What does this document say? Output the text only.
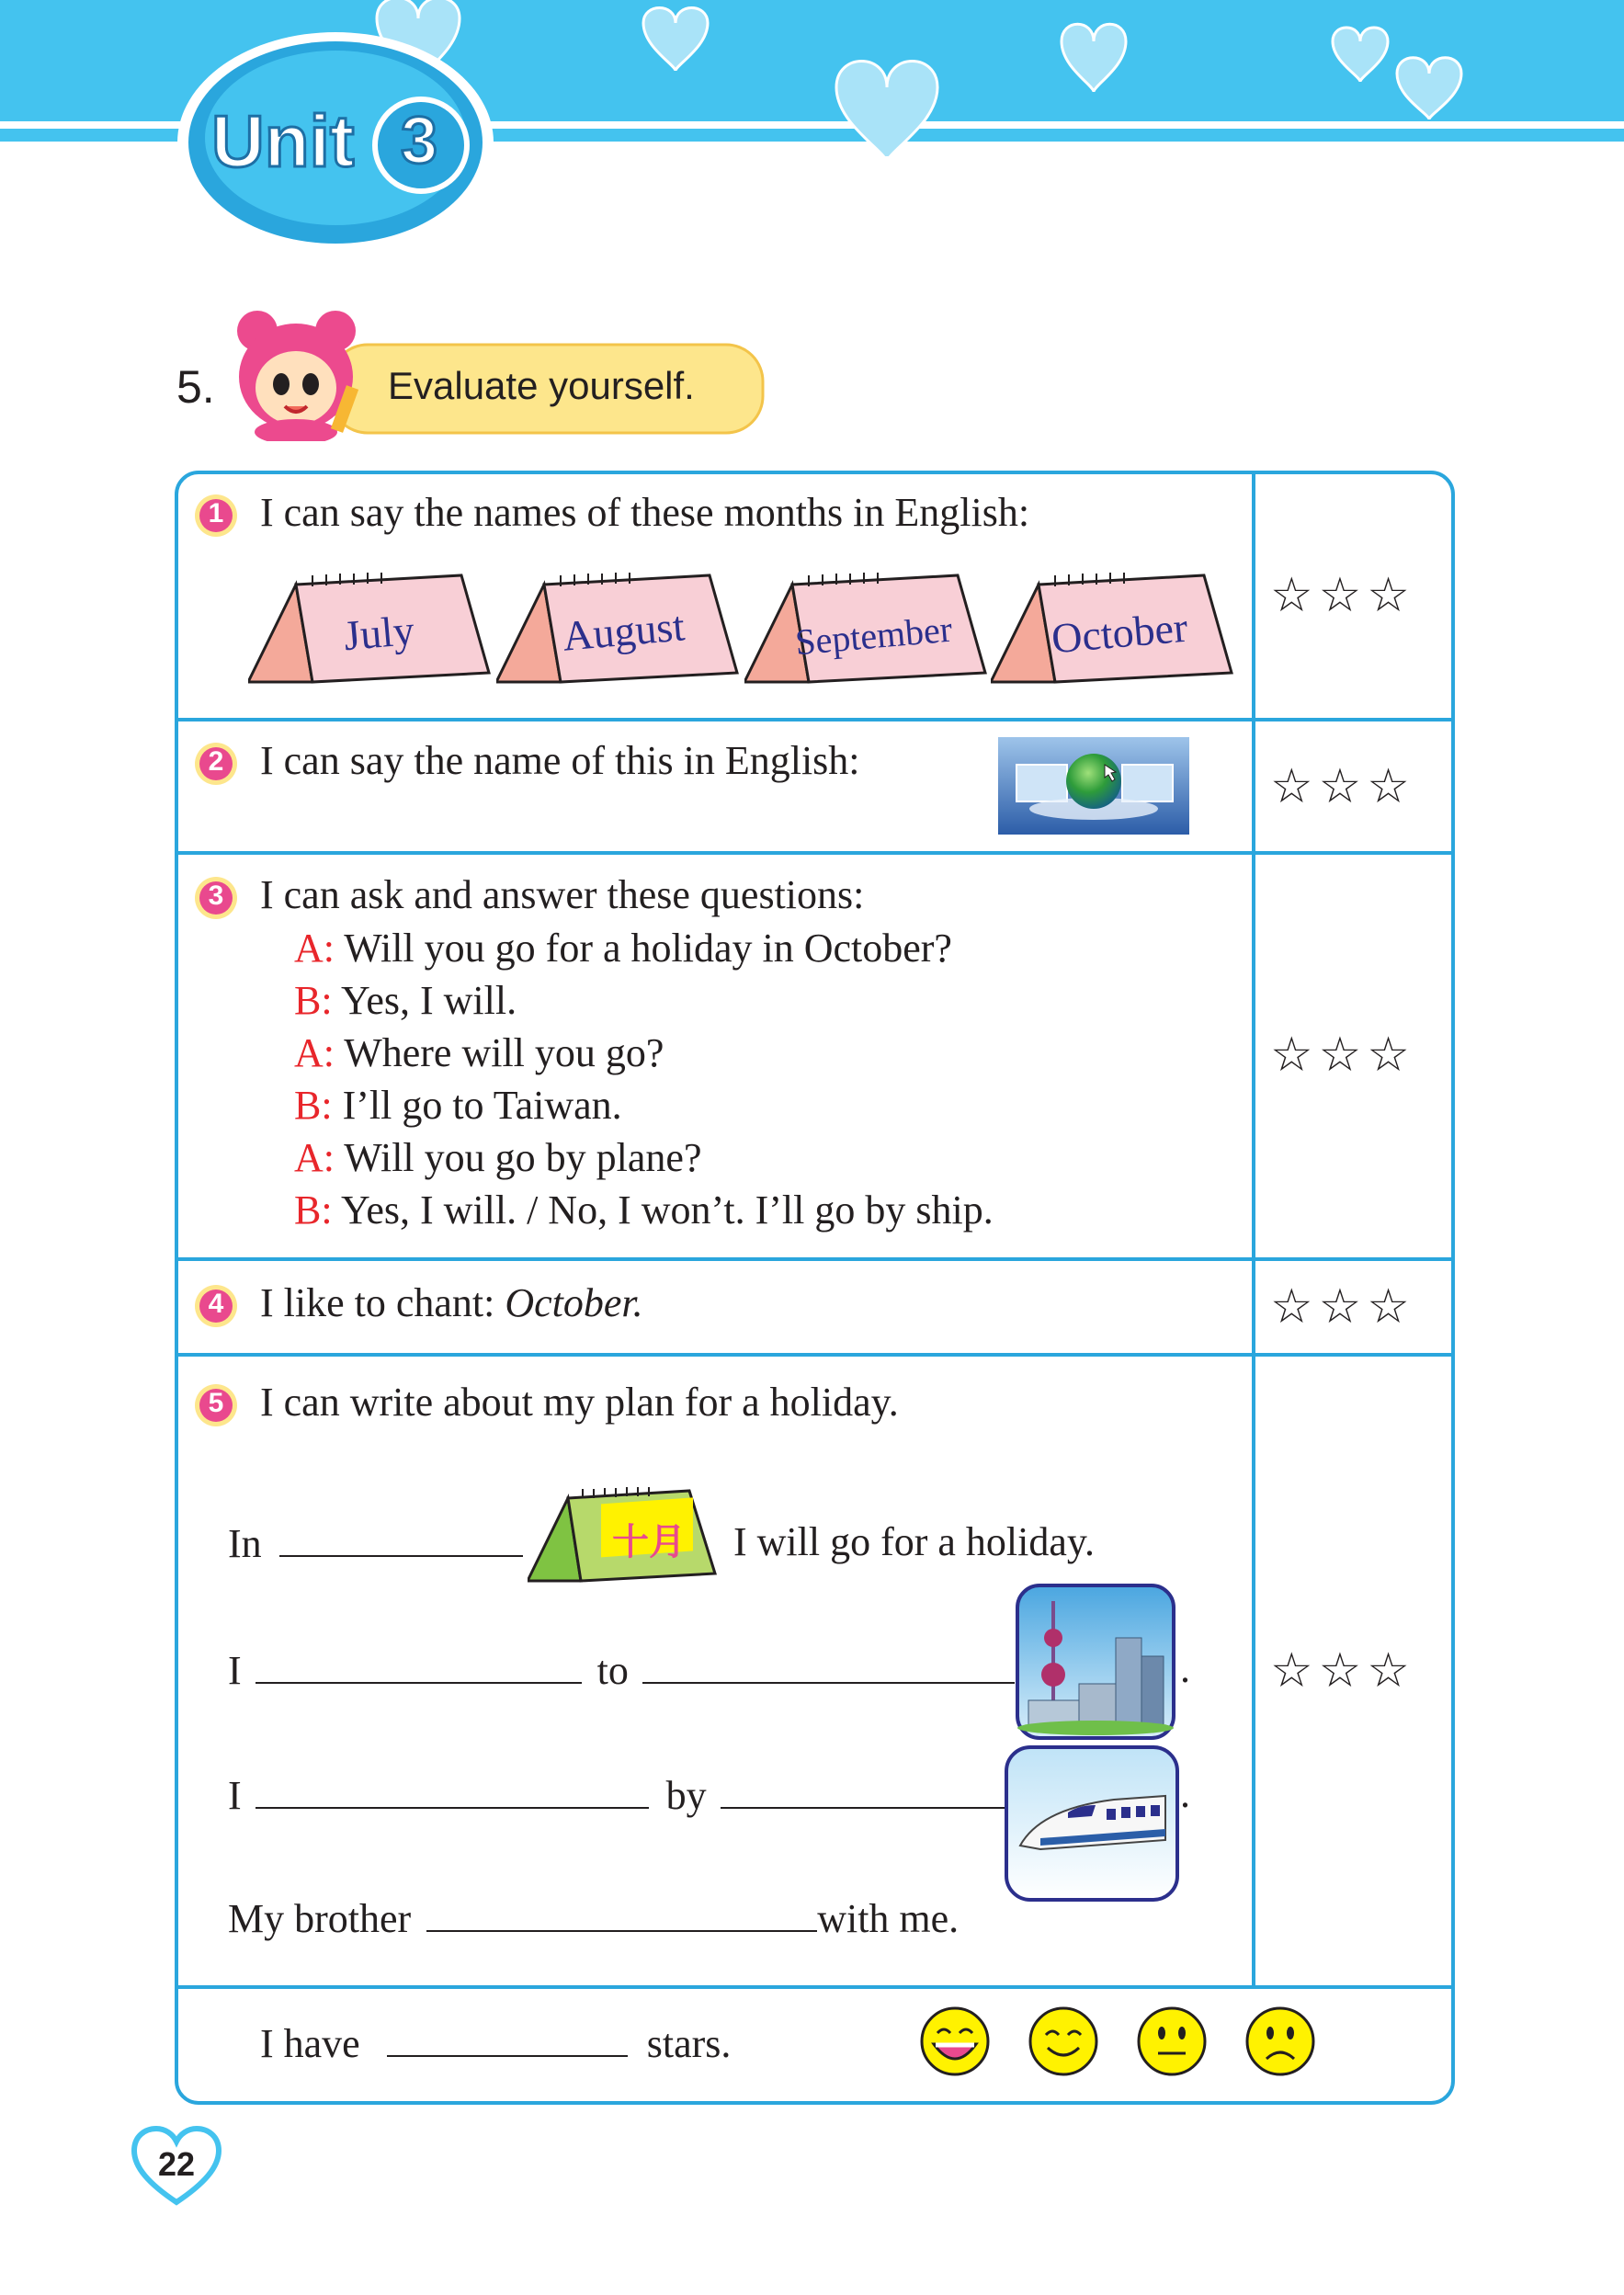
Unit 3
5.	Evaluate yourself.
1 I can say the names of these months in English:
July	August	September October
☆☆☆
2 I can say the name of this in English:	☆☆☆
3 I can ask and answer these questions:
A: Will you go for a holiday in October?
B: Yes, I will.
A: Where will you go?
B: I’ll go to Taiwan.
A: Will you go by plane?
B: Yes, I will. / No, I won’t. I’ll go by ship.
☆☆☆
4 I like to chant: October.	☆☆☆
5 I can write about my plan for a holiday.
In	十月 I will go for a holiday.
I	to	.
I	by	.
My brother	with me.
☆☆☆
I have	stars.
22
